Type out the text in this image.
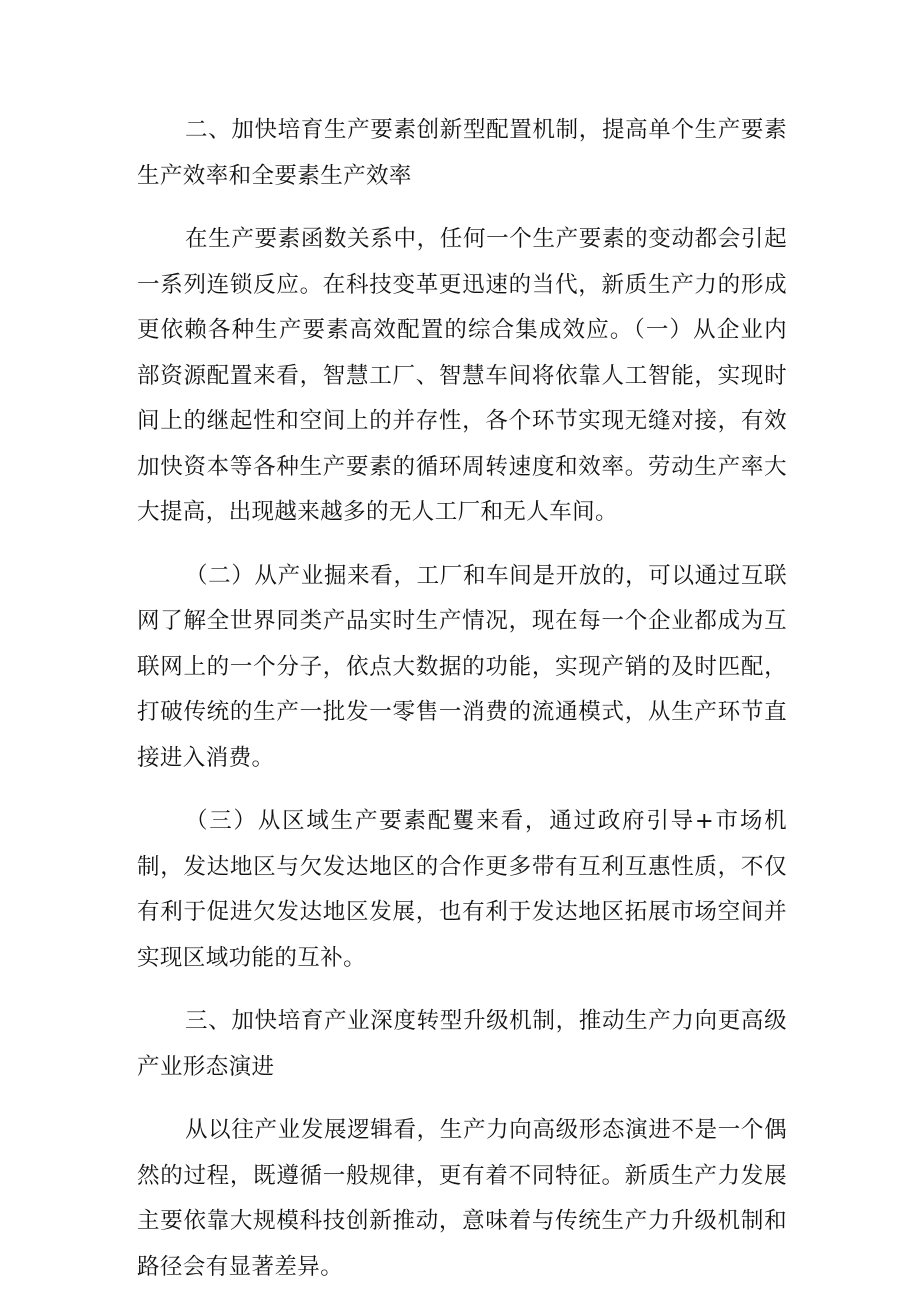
二、加快培育生产要素创新型配置机制，提高单个生产要素生产效率和全要素生产效率

在生产要素函数关系中，任何一个生产要素的变动都会引起一系列连锁反应。在科技变革更迅速的当代，新质生产力的形成更依赖各种生产要素高效配置的综合集成效应。（一）从企业内部资源配置来看，智慧工厂、智慧车间将依靠人工智能，实现时间上的继起性和空间上的并存性，各个环节实现无缝对接，有效加快资本等各种生产要素的循环周转速度和效率。劳动生产率大大提高，出现越来越多的无人工厂和无人车间。

（二）从产业掘来看，工厂和车间是开放的，可以通过互联网了解全世界同类产品实时生产情况，现在每一个企业都成为互联网上的一个分子，依点大数据的功能，实现产销的及时匹配，打破传统的生产一批发一零售一消费的流通模式，从生产环节直接进入消费。

（三）从区域生产要素配矍来看，通过政府引导+市场机制，发达地区与欠发达地区的合作更多带有互利互惠性质，不仅有利于促进欠发达地区发展，也有利于发达地区拓展市场空间并实现区域功能的互补。

三、加快培育产业深度转型升级机制，推动生产力向更高级产业形态演进

从以往产业发展逻辑看，生产力向高级形态演进不是一个偶然的过程，既遵循一般规律，更有着不同特征。新质生产力发展主要依靠大规模科技创新推动，意味着与传统生产力升级机制和路径会有显著差异。
